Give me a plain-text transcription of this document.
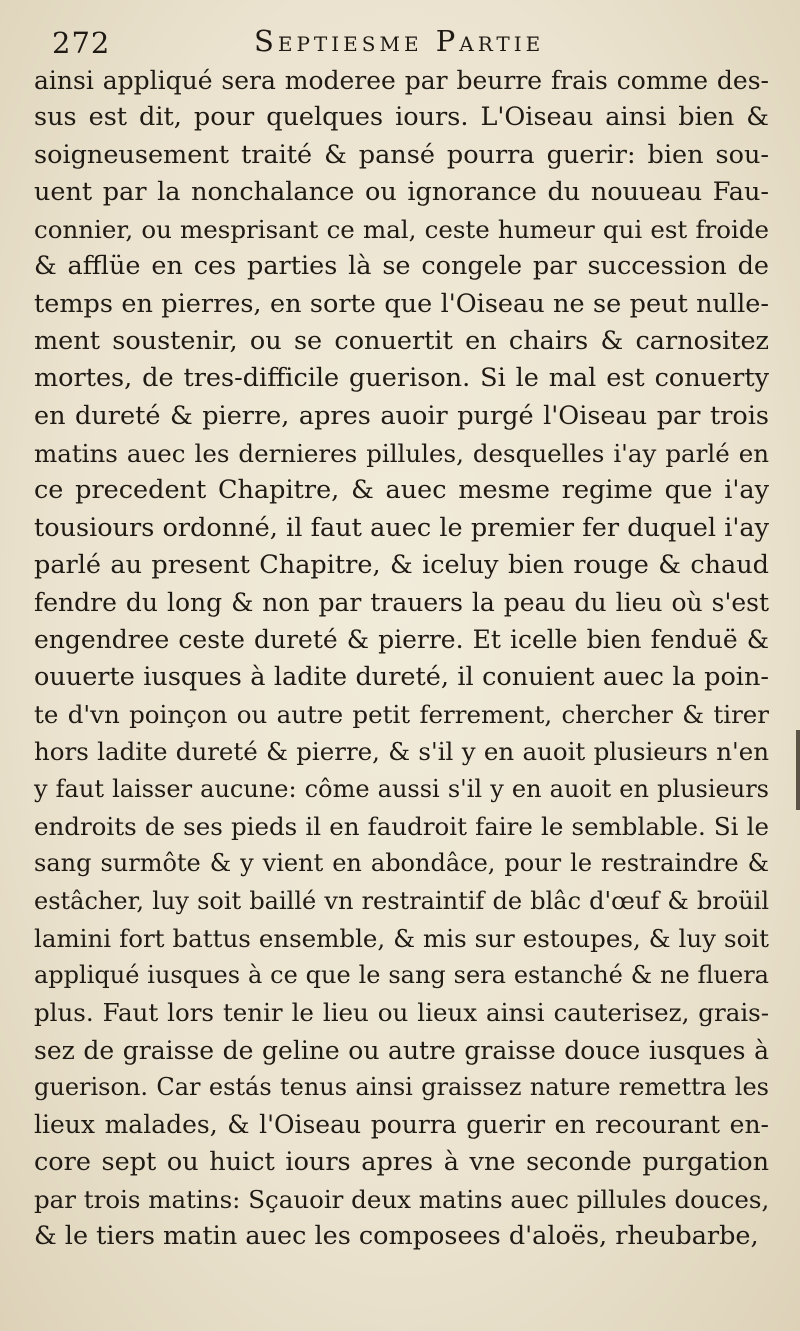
272	Septiesme Partie
ainsi appliqué sera moderee par beurre frais comme des-
sus est dit, pour quelques iours. L'Oiseau ainsi bien &
soigneusement traité & pansé pourra guerir: bien sou-
uent par la nonchalance ou ignorance du nouueau Fau-
connier, ou mesprisant ce mal, ceste humeur qui est froide
& afflüe en ces parties là se congele par succession de
temps en pierres, en sorte que l'Oiseau ne se peut nulle-
ment soustenir, ou se conuertit en chairs & carnositez
mortes, de tres-difficile guerison. Si le mal est conuerty
en dureté & pierre, apres auoir purgé l'Oiseau par trois
matins auec les dernieres pillules, desquelles i'ay parlé en
ce precedent Chapitre, & auec mesme regime que i'ay
tousiours ordonné, il faut auec le premier fer duquel i'ay
parlé au present Chapitre, & iceluy bien rouge & chaud
fendre du long & non par trauers la peau du lieu où s'est
engendree ceste dureté & pierre. Et icelle bien fenduë &
ouuerte iusques à ladite dureté, il conuient auec la poin-
te d'vn poinçon ou autre petit ferrement, chercher & tirer
hors ladite dureté & pierre, & s'il y en auoit plusieurs n'en
y faut laisser aucune: côme aussi s'il y en auoit en plusieurs
endroits de ses pieds il en faudroit faire le semblable. Si le
sang surmôte & y vient en abondâce, pour le restraindre &
estâcher, luy soit baillé vn restraintif de blâc d'œuf & broüil
lamini fort battus ensemble, & mis sur estoupes, & luy soit
appliqué iusques à ce que le sang sera estanché & ne fluera
plus. Faut lors tenir le lieu ou lieux ainsi cauterisez, grais-
sez de graisse de geline ou autre graisse douce iusques à
guerison. Car estás tenus ainsi graissez nature remettra les
lieux malades, & l'Oiseau pourra guerir en recourant en-
core sept ou huict iours apres à vne seconde purgation
par trois matins: Sçauoir deux matins auec pillules douces,
& le tiers matin auec les composees d'aloës, rheubarbe,
